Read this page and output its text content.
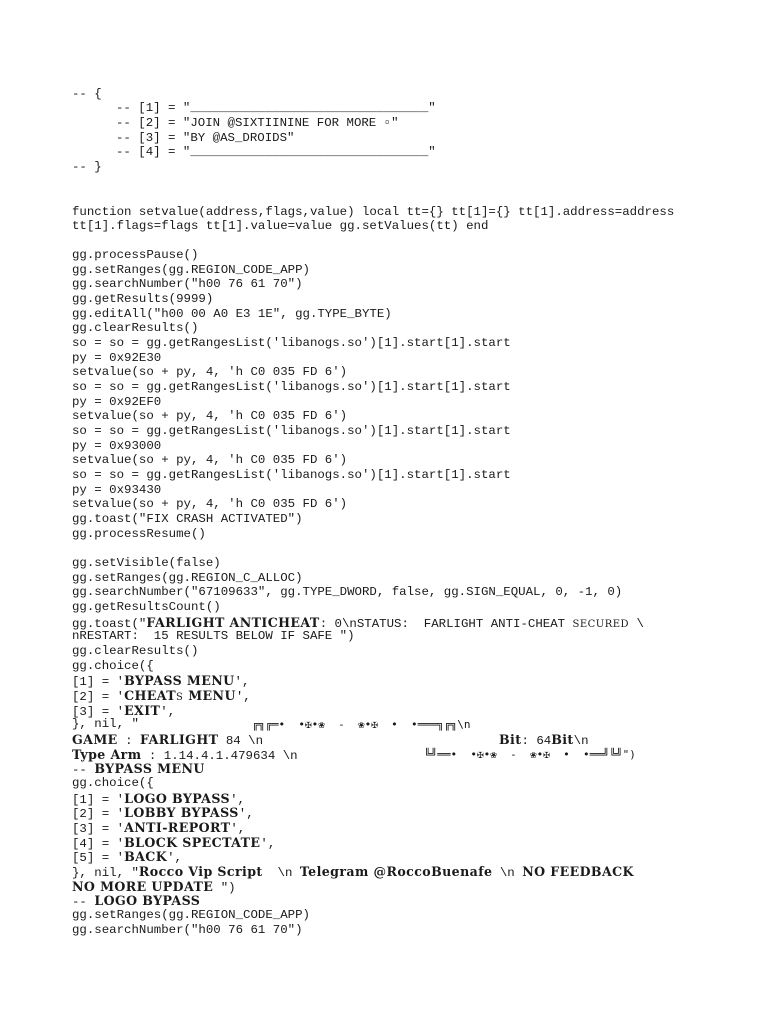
-- {
-- [1] = "________________________________"
-- [2] = "JOIN @SIXTIININE FOR MORE ▫"
-- [3] = "BY @AS_DROIDS"
-- [4] = "________________________________"
-- }
function setvalue(address,flags,value) local tt={} tt[1]={} tt[1].address=address
tt[1].flags=flags tt[1].value=value gg.setValues(tt) end
gg.processPause()
gg.setRanges(gg.REGION_CODE_APP)
gg.searchNumber("h00 76 61 70")
gg.getResults(9999)
gg.editAll("h00 00 A0 E3 1E", gg.TYPE_BYTE)
gg.clearResults()
so = so = gg.getRangesList('libanogs.so')[1].start[1].start
py = 0x92E30
setvalue(so + py, 4, 'h C0 035 FD 6')
so = so = gg.getRangesList('libanogs.so')[1].start[1].start
py = 0x92EF0
setvalue(so + py, 4, 'h C0 035 FD 6')
so = so = gg.getRangesList('libanogs.so')[1].start[1].start
py = 0x93000
setvalue(so + py, 4, 'h C0 035 FD 6')
so = so = gg.getRangesList('libanogs.so')[1].start[1].start
py = 0x93430
setvalue(so + py, 4, 'h C0 035 FD 6')
gg.toast("FIX CRASH ACTIVATED")
gg.processResume()
gg.setVisible(false)
gg.setRanges(gg.REGION_C_ALLOC)
gg.searchNumber("67109633", gg.TYPE_DWORD, false, gg.SIGN_EQUAL, 0, -1, 0)
gg.getResultsCount()
gg.toast("FARLIGHT ANTICHEAT: 0\nSTATUS:  FARLIGHT ANTI-CHEAT SECURED \
nRESTART:  15 RESULTS BELOW IF SAFE ")
gg.clearResults()
gg.choice({
[1] = 'BYPASS MENU',
[2] = 'CHEATS MENU',
[3] = 'EXIT',
}, nil, "	╔╗╔═•  •✠•❀  -  ❀•✠  •  •═══╗╔╗\n
GAME : FARLIGHT 84 \n	Bit: 64Bit\n
Type Arm : 1.14.4.1.479634 \n	╚╝══•  •✠•❀  -  ❀•✠  •  •══╝╚╝")
-- BYPASS MENU
gg.choice({
[1] = 'LOGO BYPASS',
[2] = 'LOBBY BYPASS',
[3] = 'ANTI-REPORT',
[4] = 'BLOCK SPECTATE',
[5] = 'BACK',
}, nil, "Rocco Vip Script  \n Telegram @RoccoBuenafe \n NO FEEDBACK
NO MORE UPDATE ")
-- LOGO BYPASS
gg.setRanges(gg.REGION_CODE_APP)
gg.searchNumber("h00 76 61 70")
